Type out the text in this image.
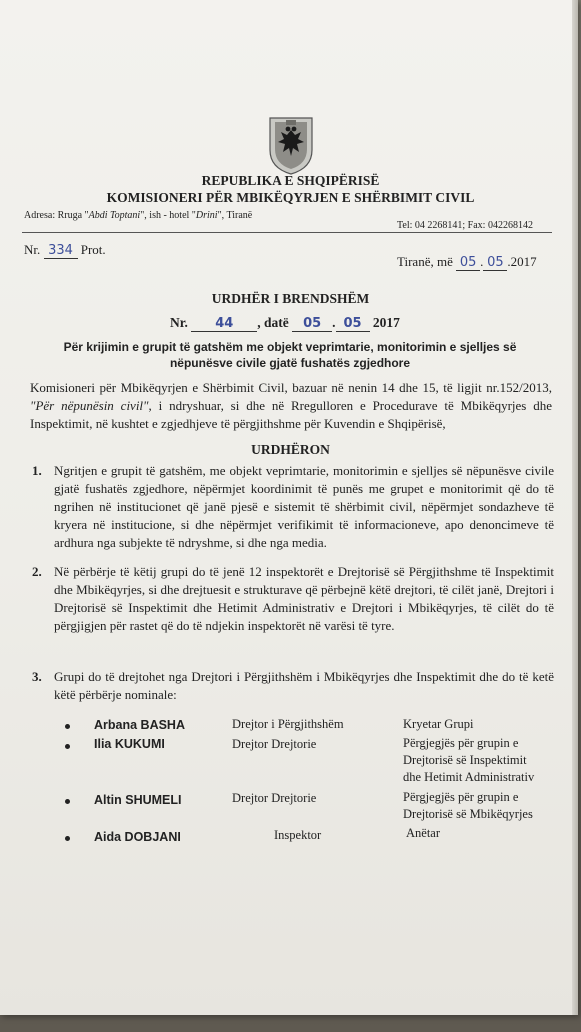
REPUBLIKA E SHQIPËRISË
KOMISIONERI PËR MBIKËQYRJEN E SHËRBIMIT CIVIL
Adresa: Rruga "Abdi Toptani", ish - hotel "Drini", Tiranë
Tel: 04 2268141; Fax: 042268142
Nr. 334 Prot.
Tiranë, më 05 . 05 .2017
URDHËR I BRENDSHËM
Nr. 44 , datë 05 . 05 2017
Për krijimin e grupit të gatshëm me objekt veprimtarie, monitorimin e sjelljes së
nëpunësve civile gjatë fushatës zgjedhore
Komisioneri për Mbikëqyrjen e Shërbimit Civil, bazuar në nenin 14 dhe 15, të ligjit nr.152/2013, "Për nëpunësin civil", i ndryshuar, si dhe në Rregulloren e Procedurave të Mbikëqyrjes dhe Inspektimit, në kushtet e zgjedhjeve të përgjithshme për Kuvendin e Shqipërisë,
URDHËRON
1. Ngritjen e grupit të gatshëm, me objekt veprimtarie, monitorimin e sjelljes së nëpunësve civile gjatë fushatës zgjedhore, nëpërmjet koordinimit të punës me grupet e monitorimit që do të ngrihen në institucionet që janë pjesë e sistemit të shërbimit civil, nëpërmjet sondazheve të kryera në institucione, si dhe nëpërmjet verifikimit të informacioneve, apo denoncimeve të ardhura nga subjekte të ndryshme, si dhe nga media.
2. Në përbërje të këtij grupi do të jenë 12 inspektorët e Drejtorisë së Përgjithshme të Inspektimit dhe Mbikëqyrjes, si dhe drejtuesit e strukturave që përbejnë këtë drejtori, të cilët janë, Drejtori i Drejtorisë së Inspektimit dhe Hetimit Administrativ e Drejtori i Mbikëqyrjes, të cilët do të përgjigjen për rastet që do të ndjekin inspektorët në varësi të tyre.
3. Grupi do të drejtohet nga Drejtori i Përgjithshëm i Mbikëqyrjes dhe Inspektimit dhe do të ketë këtë përbërje nominale:
Arbana BASHA	Drejtor i Përgjithshëm	Kryetar Grupi
Ilia KUKUMI	Drejtor Drejtorie	Përgjegjës për grupin e
Drejtorisë së Inspektimit
dhe Hetimit Administrativ
Altin SHUMELI	Drejtor Drejtorie	Përgjegjës për grupin e
Drejtorisë së Mbikëqyrjes
Aida DOBJANI	Inspektor	Anëtar
